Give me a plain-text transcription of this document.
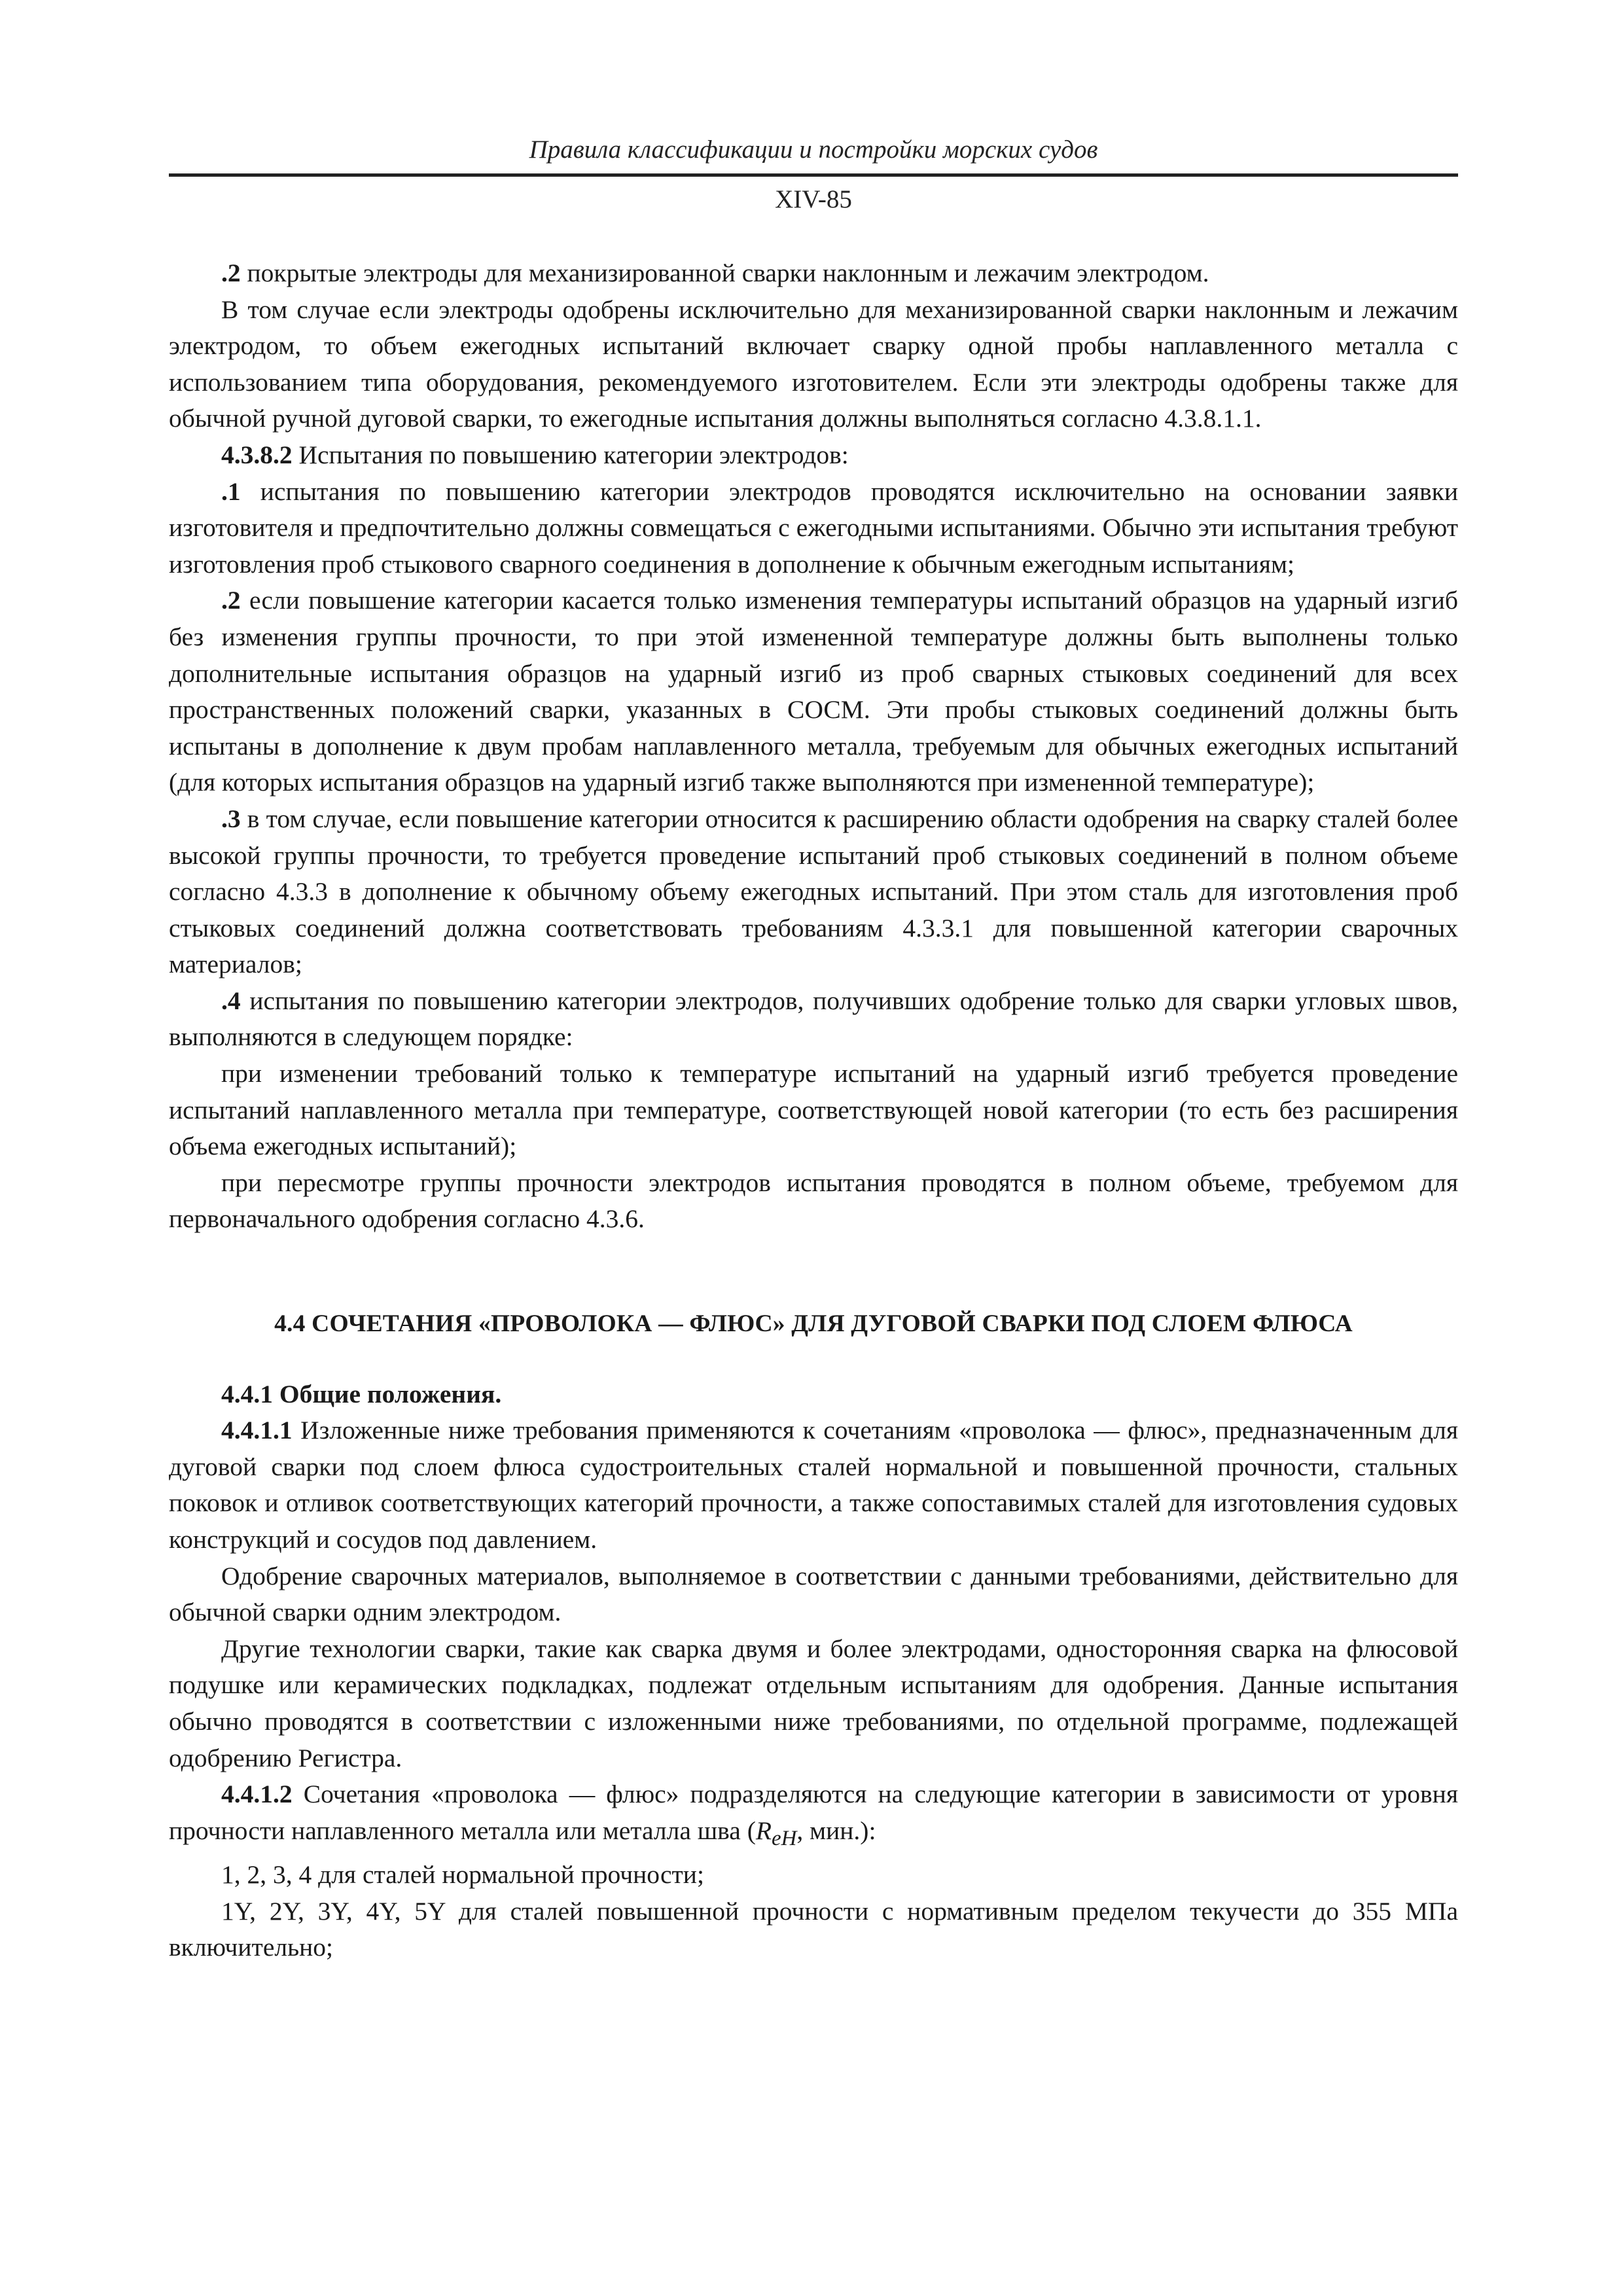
Правила классификации и постройки морских судов
XIV-85

.2 покрытые электроды для механизированной сварки наклонным и лежачим электродом.

В том случае если электроды одобрены исключительно для механизированной сварки наклонным и лежачим электродом, то объем ежегодных испытаний включает сварку одной пробы наплавленного металла с использованием типа оборудования, рекомендуемого изготовителем. Если эти электроды одобрены также для обычной ручной дуговой сварки, то ежегодные испытания должны выполняться согласно 4.3.8.1.1.

4.3.8.2 Испытания по повышению категории электродов:

.1 испытания по повышению категории электродов проводятся исключительно на основании заявки изготовителя и предпочтительно должны совмещаться с ежегодными испытаниями. Обычно эти испытания требуют изготовления проб стыкового сварного соединения в дополнение к обычным ежегодным испытаниям;

.2 если повышение категории касается только изменения температуры испытаний образцов на ударный изгиб без изменения группы прочности, то при этой измененной температуре должны быть выполнены только дополнительные испытания образцов на ударный изгиб из проб сварных стыковых соединений для всех пространственных положений сварки, указанных в СОСМ. Эти пробы стыковых соединений должны быть испытаны в дополнение к двум пробам наплавленного металла, требуемым для обычных ежегодных испытаний (для которых испытания образцов на ударный изгиб также выполняются при измененной температуре);

.3 в том случае, если повышение категории относится к расширению области одобрения на сварку сталей более высокой группы прочности, то требуется проведение испытаний проб стыковых соединений в полном объеме согласно 4.3.3 в дополнение к обычному объему ежегодных испытаний. При этом сталь для изготовления проб стыковых соединений должна соответствовать требованиям 4.3.3.1 для повышенной категории сварочных материалов;

.4 испытания по повышению категории электродов, получивших одобрение только для сварки угловых швов, выполняются в следующем порядке:

при изменении требований только к температуре испытаний на ударный изгиб требуется проведение испытаний наплавленного металла при температуре, соответствующей новой категории (то есть без расширения объема ежегодных испытаний);

при пересмотре группы прочности электродов испытания проводятся в полном объеме, требуемом для первоначального одобрения согласно 4.3.6.

4.4 СОЧЕТАНИЯ «ПРОВОЛОКА — ФЛЮС» ДЛЯ ДУГОВОЙ СВАРКИ ПОД СЛОЕМ ФЛЮСА
4.4.1 Общие положения.

4.4.1.1 Изложенные ниже требования применяются к сочетаниям «проволока — флюс», предназначенным для дуговой сварки под слоем флюса судостроительных сталей нормальной и повышенной прочности, стальных поковок и отливок соответствующих категорий прочности, а также сопоставимых сталей для изготовления судовых конструкций и сосудов под давлением.

Одобрение сварочных материалов, выполняемое в соответствии с данными требованиями, действительно для обычной сварки одним электродом.

Другие технологии сварки, такие как сварка двумя и более электродами, односторонняя сварка на флюсовой подушке или керамических подкладках, подлежат отдельным испытаниям для одобрения. Данные испытания обычно проводятся в соответствии с изложенными ниже требованиями, по отдельной программе, подлежащей одобрению Регистра.

4.4.1.2 Сочетания «проволока — флюс» подразделяются на следующие категории в зависимости от уровня прочности наплавленного металла или металла шва ($R_{eH}$, мин.):

1, 2, 3, 4 для сталей нормальной прочности;

1Y, 2Y, 3Y, 4Y, 5Y для сталей повышенной прочности с нормативным пределом текучести до 355 МПа включительно;
